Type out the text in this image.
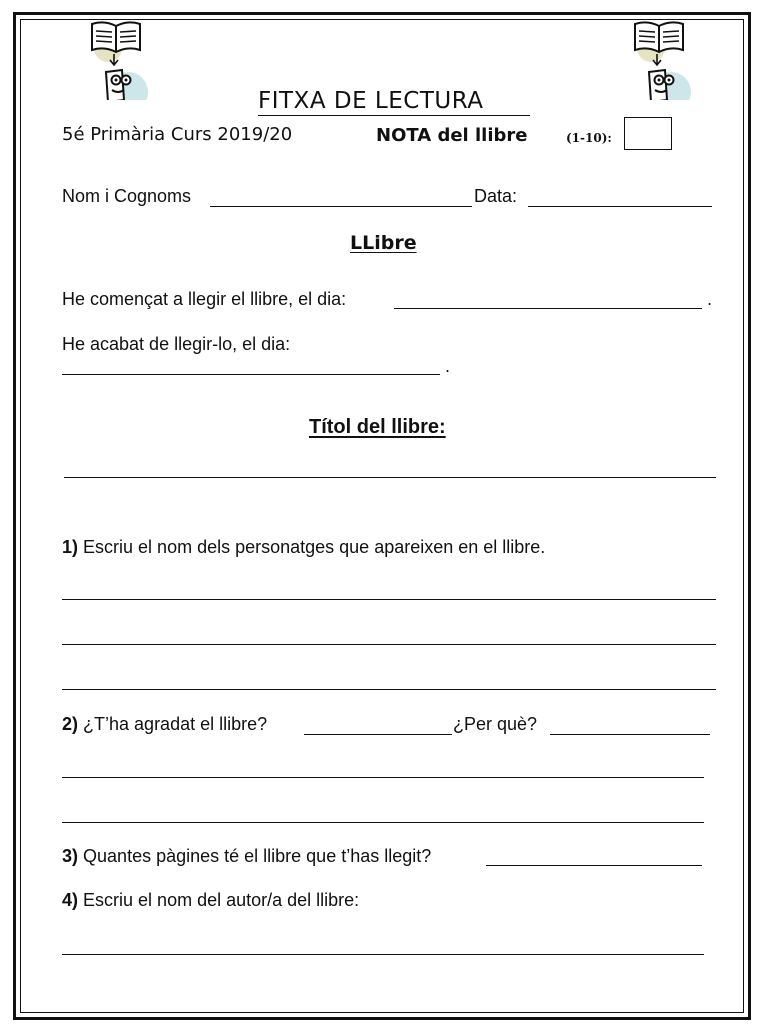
FITXA DE LECTURA
5é Primària Curs 2019/20	NOTA del llibre	(1-10):
Nom i Cognoms	Data:
LLibre
He començat a llegir el llibre, el dia:	.
He acabat de llegir-lo, el dia:
.
Títol del llibre:
1) Escriu el nom dels personatges que apareixen en el llibre.
2) ¿T’ha agradat el llibre?	¿Per què?
3) Quantes pàgines té el llibre que t’has llegit?
4) Escriu el nom del autor/a del llibre:
